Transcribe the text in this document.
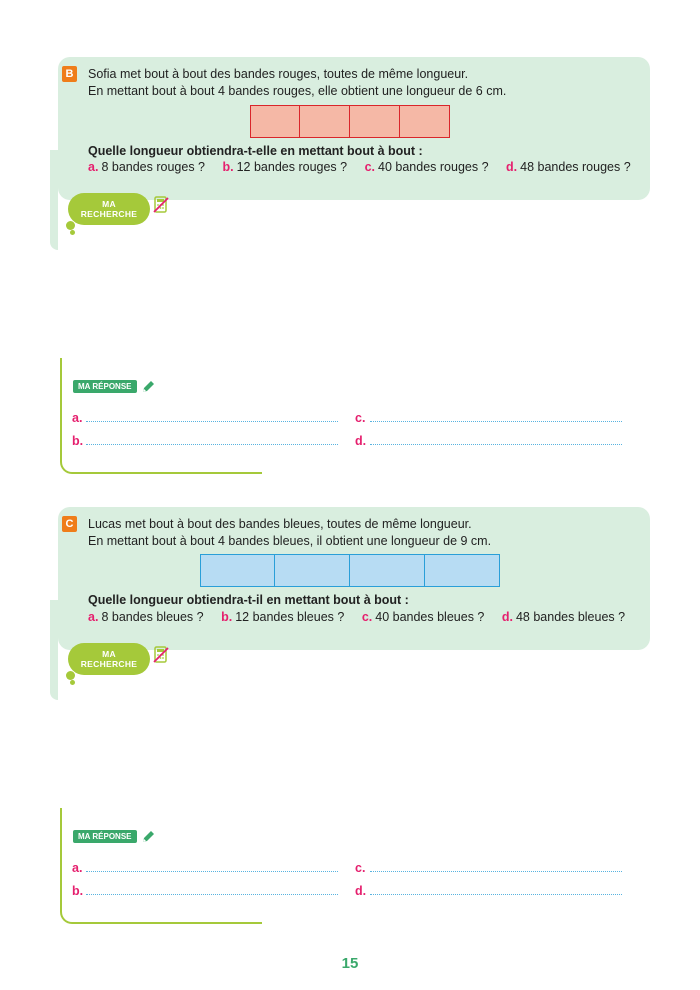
B Sofia met bout à bout des bandes rouges, toutes de même longueur.
En mettant bout à bout 4 bandes rouges, elle obtient une longueur de 6 cm.
Quelle longueur obtiendra-t-elle en mettant bout à bout :
a. 8 bandes rouges ? b. 12 bandes rouges ? c. 40 bandes rouges ? d. 48 bandes rouges ?
MA
RECHERCHE
MA RÉPONSE
a.	c.
b.	d.
C Lucas met bout à bout des bandes bleues, toutes de même longueur.
En mettant bout à bout 4 bandes bleues, il obtient une longueur de 9 cm.
Quelle longueur obtiendra-t-il en mettant bout à bout :
a. 8 bandes bleues ? b. 12 bandes bleues ? c. 40 bandes bleues ? d. 48 bandes bleues ?
MA
RECHERCHE
MA RÉPONSE
a.	c.
b.	d.
15
